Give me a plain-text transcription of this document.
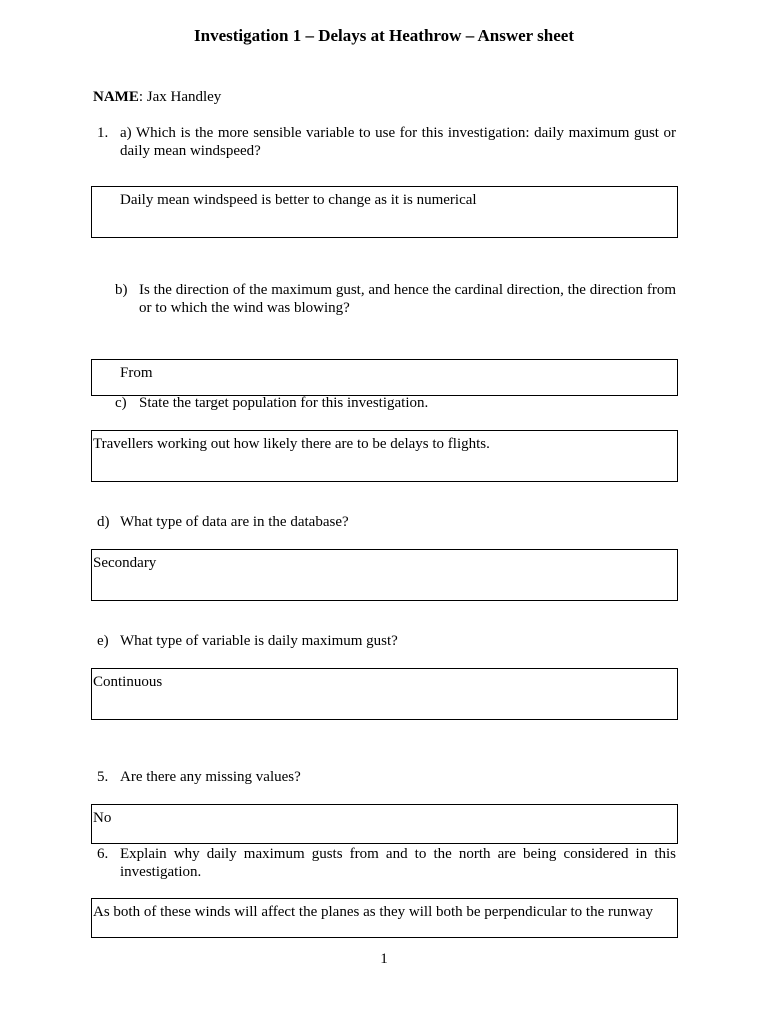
Investigation 1 – Delays at Heathrow – Answer sheet
NAME: Jax Handley
1. a) Which is the more sensible variable to use for this investigation: daily maximum gust or daily mean windspeed?
Daily mean windspeed is better to change as it is numerical
b) Is the direction of the maximum gust, and hence the cardinal direction, the direction from or to which the wind was blowing?
From
c) State the target population for this investigation.
Travellers working out how likely there are to be delays to flights.
d) What type of data are in the database?
Secondary
e) What type of variable is daily maximum gust?
Continuous
5. Are there any missing values?
No
6. Explain why daily maximum gusts from and to the north are being considered in this investigation.
As both of these winds will affect the planes as they will both be perpendicular to the runway
1
